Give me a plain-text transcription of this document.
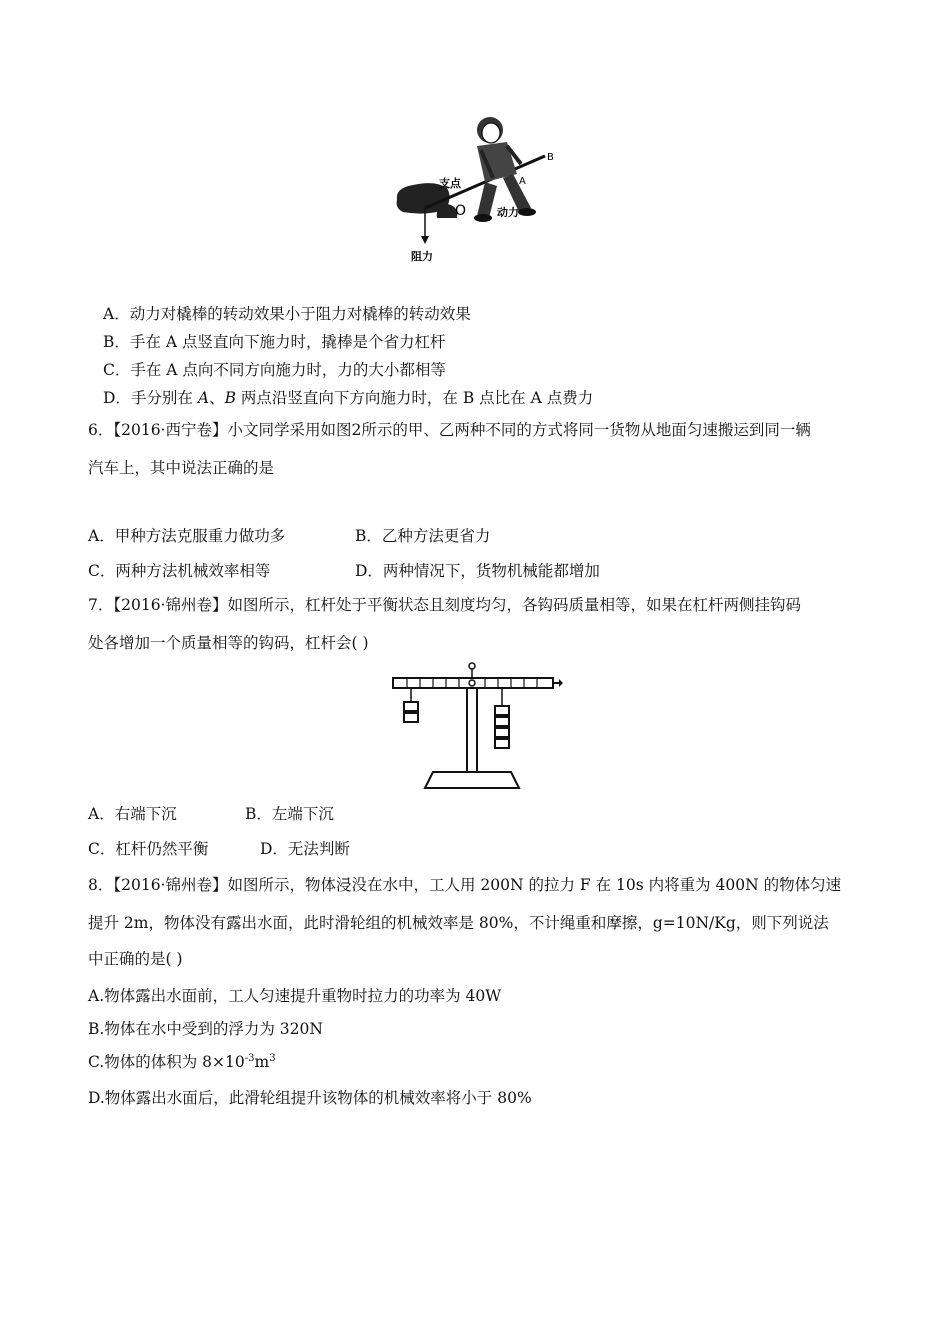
支点
O	动力
A
B
阻力
A．动力对橇棒的转动效果小于阻力对橇棒的转动效果
B．手在 A 点竖直向下施力时，撬棒是个省力杠杆
C．手在 A 点向不同方向施力时，力的大小都相等
D．手分别在 A、B 两点沿竖直向下方向施力时，在 B 点比在 A 点费力
6．【2016·西宁卷】小文同学采用如图2所示的甲、乙两种不同的方式将同一货物从地面匀速搬运到同一辆
汽车上，其中说法正确的是
A．甲种方法克服重力做功多	B．乙种方法更省力
C．两种方法机械效率相等	D．两种情况下，货物机械能都增加
7．【2016·锦州卷】如图所示，杠杆处于平衡状态且刻度均匀，各钩码质量相等，如果在杠杆两侧挂钩码
处各增加一个质量相等的钩码，杠杆会( )
A．右端下沉	B．左端下沉
C．杠杆仍然平衡	D．无法判断
8．【2016·锦州卷】如图所示，物体浸没在水中，工人用 200N 的拉力 F 在 10s 内将重为 400N 的物体匀速
提升 2m，物体没有露出水面，此时滑轮组的机械效率是 80%，不计绳重和摩擦，g=10N/Kg，则下列说法
中正确的是( )
A.物体露出水面前，工人匀速提升重物时拉力的功率为 40W
B.物体在水中受到的浮力为 320N
C.物体的体积为 $8\times 10^{-3}m^3$
D.物体露出水面后，此滑轮组提升该物体的机械效率将小于 80%
